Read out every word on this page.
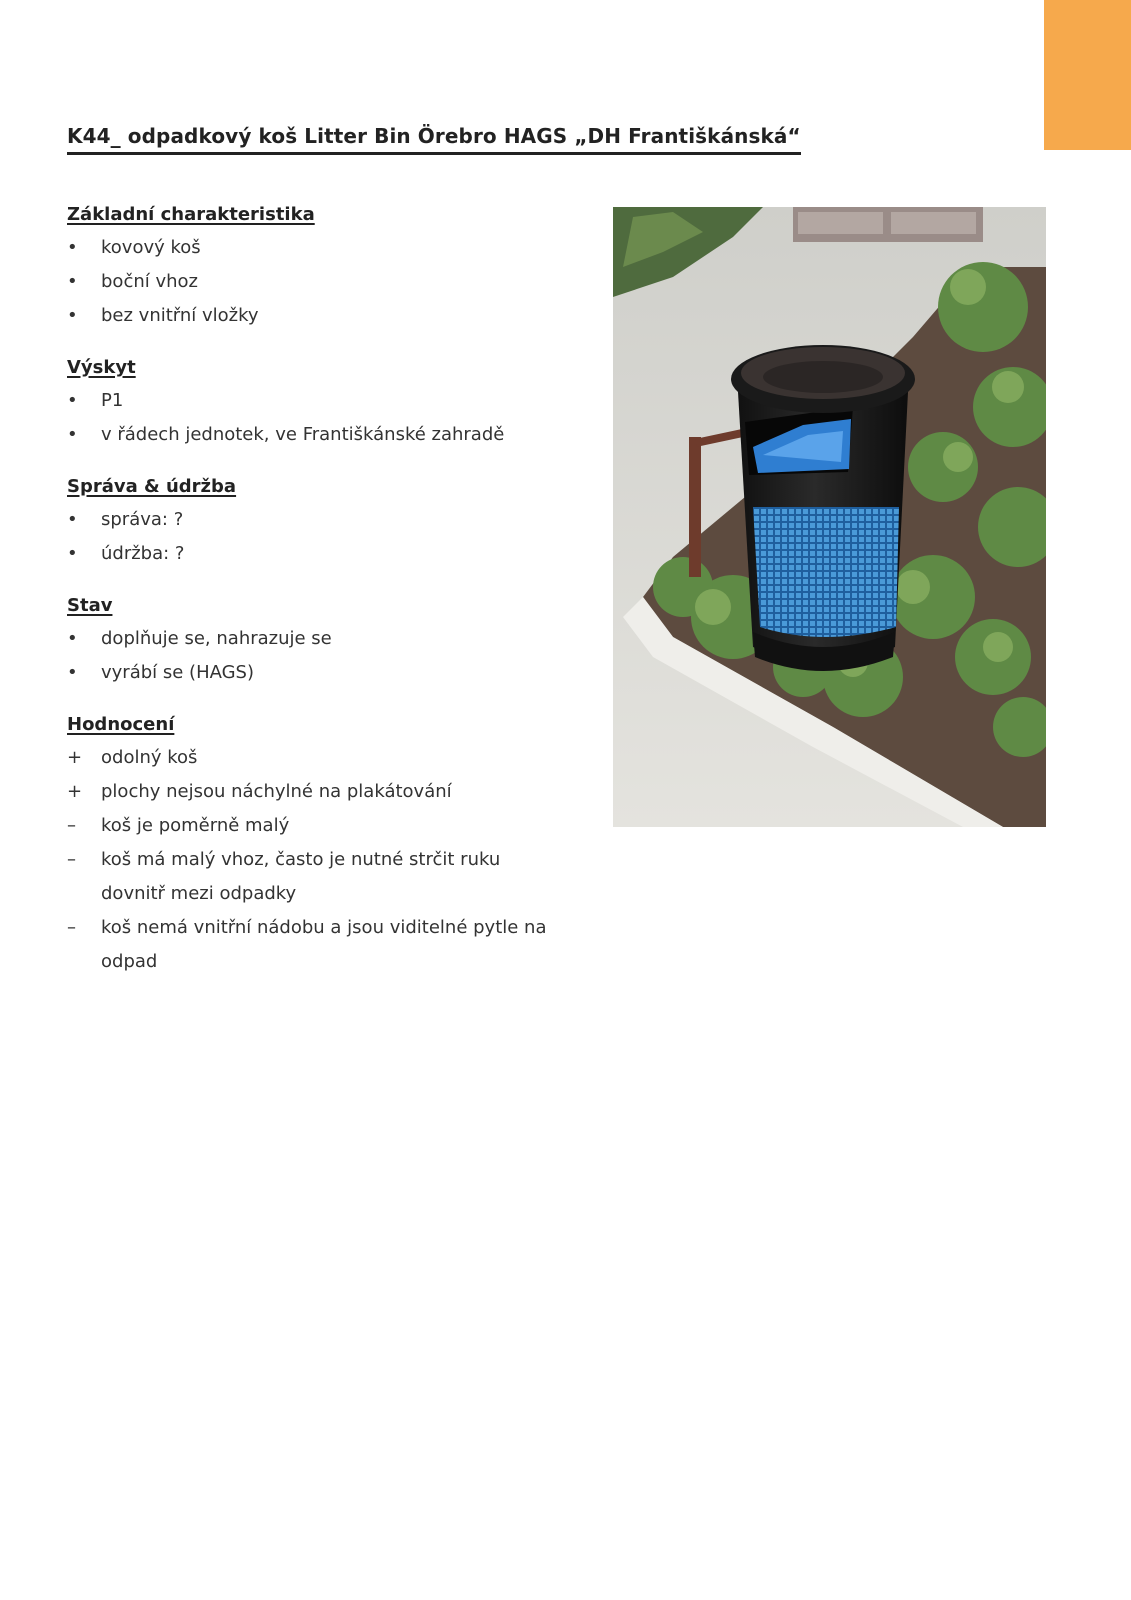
K44_ odpadkový koš Litter Bin Örebro HAGS „DH Františkánská“
Základní charakteristika
•	kovový koš
•	boční vhoz
•	bez vnitřní vložky
Výskyt
•	P1
•	v řádech jednotek, ve Františkánské zahradě
Správa & údržba
•	správa: ?
•	údržba: ?
Stav
•	doplňuje se, nahrazuje se
•	vyrábí se (HAGS)
Hodnocení
+ odolný koš
+ plochy nejsou náchylné na plakátování
–	koš je poměrně malý
–	koš má malý vhoz, často je nutné strčit ruku dovnitř mezi odpadky
–	koš nemá vnitřní nádobu a jsou viditelné pytle na odpad
